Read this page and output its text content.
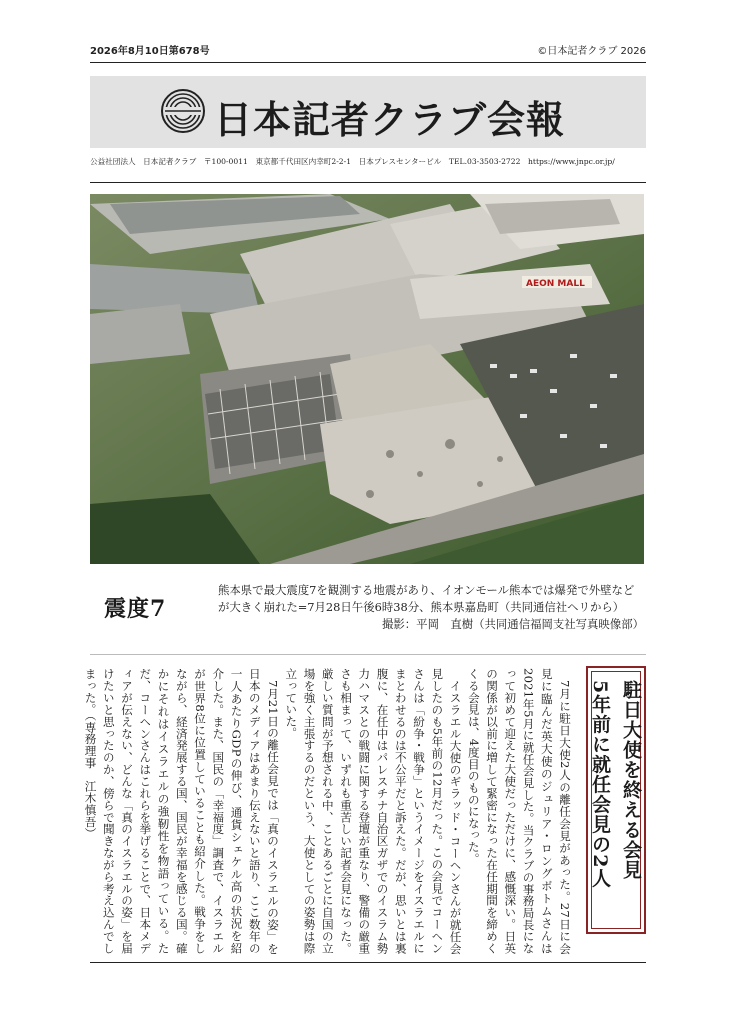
2026年8月10日第678号	©日本記者クラブ 2026
日本記者クラブ会報
公益社団法人　日本記者クラブ　〒100-0011　東京都千代田区内幸町2-2-1　日本プレスセンタービル　TEL.03-3503-2722　https://www.jnpc.or.jp/
AEON MALL
震度7
熊本県で最大震度7を観測する地震があり、イオンモール熊本では爆発で外壁などが大きく崩れた=7月28日午後6時38分、熊本県嘉島町（共同通信社ヘリから）
撮影：平岡　直樹（共同通信福岡支社写真映像部）
駐日大使を終える会見
5年前に就任会見の2人

7月に駐日大使2人の離任会見があった。27日に会見に臨んだ英大使のジュリア・ロングボトムさんは2021年5月に就任会見した。当クラブの事務局長になって初めて迎えた大使だっただけに、感慨深い。日英の関係が以前に増して緊密になった在任期間を締めくくる会見は、4度目のものになった。

イスラエル大使のギラッド・コーヘンさんが就任会見したのも5年前の12月だった。この会見でコーヘンさんは「紛争・戦争」というイメージをイスラエルにまとわせるのは不公平だと訴えた。だが、思いとは裏腹に、在任中はパレスチナ自治区ガザでのイスラム勢力ハマスとの戦闘に関する登壇が重なり、警備の厳重さも相まって、いずれも重苦しい記者会見になった。厳しい質問が予想される中、ことあるごとに自国の立場を強く主張するのだという、大使としての姿勢は際立っていた。

7月21日の離任会見では「真のイスラエルの姿」を日本のメディアはあまり伝えないと語り、ここ数年の一人あたりGDPの伸び、通貨シェケル高の状況を紹介した。また、国民の「幸福度」調査で、イスラエルが世界8位に位置していることも紹介した。戦争をしながら、経済発展する国、国民が幸福を感じる国。確かにそれはイスラエルの強靭性を物語っている。ただ、コーヘンさんはこれらを挙げることで、日本メディアが伝えない、どんな「真のイスラエルの姿」を届けたいと思ったのか、傍らで聞きながら考え込んでしまった。（専務理事　江木慎吾）
